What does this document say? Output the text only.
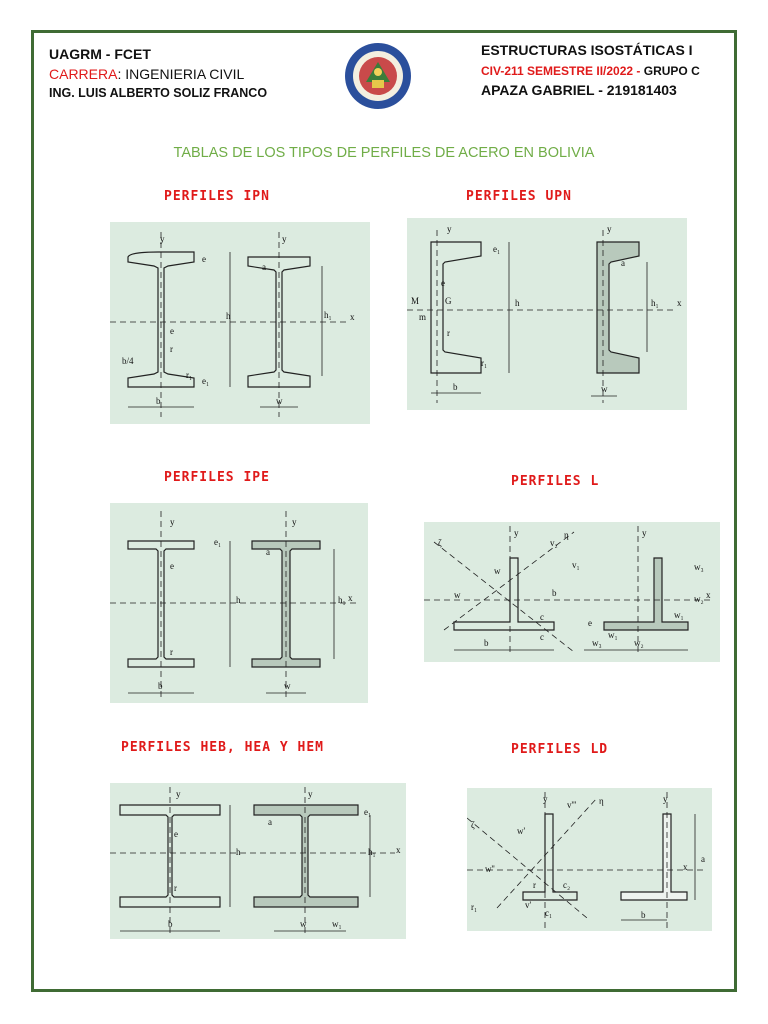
UAGRM - FCET
CARRERA: INGENIERIA CIVIL
ING. LUIS ALBERTO SOLIZ FRANCO
ESTRUCTURAS ISOSTÁTICAS I
CIV-211 SEMESTRE II/2022 - GRUPO C
APAZA GABRIEL - 219181403
TABLAS DE LOS TIPOS DE PERFILES DE ACERO EN BOLIVIA
PERFILES IPN	PERFILES UPN
PERFILES IPE	PERFILES L
PERFILES HEB, HEA Y HEM	PERFILES LD
y	y
e
e
h	h₁ x
b	w
b/4
r
r₁
e₁
a
y	y
e₁
e
h	h₁ x
M	G
m
r
r₁
b	w
a
y	y
e₁
e
h	h₁ x
r
b	w
a
y	y
ζ
η
v₂
v₁
w
w	b
c
c
b
e
w₃
w₂
w₁
w₃	w₂
w₁
x
y	y
e₁
e
h	h₁ x
r
b	w	w₁
a
y	y
η
ζ
v'''
w'
w''
a
x
c₂
c₁
r₁
r
v'
b
